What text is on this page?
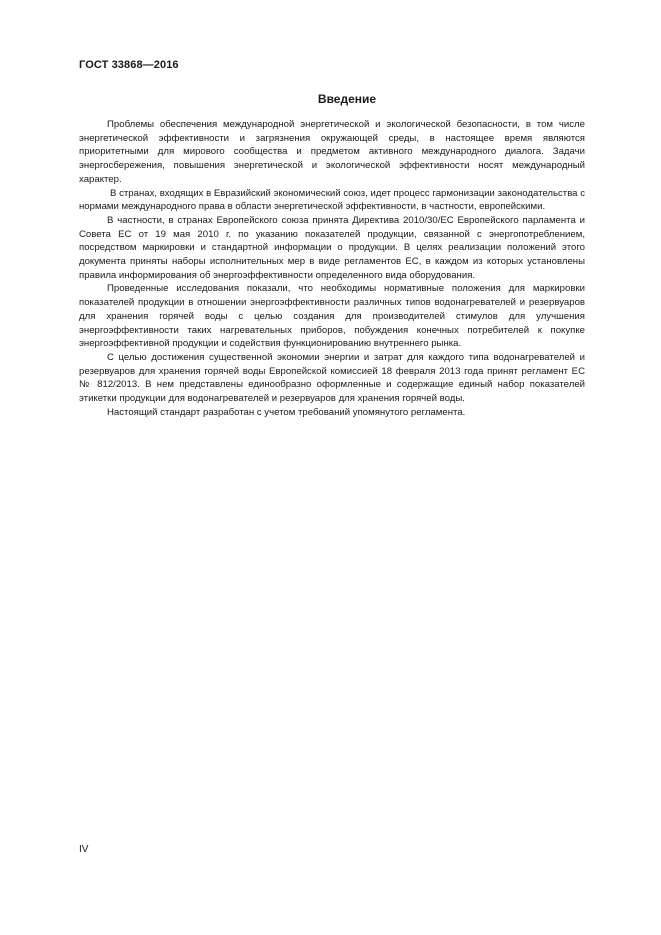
ГОСТ 33868—2016
Введение

Проблемы обеспечения международной энергетической и экологической безопасности, в том числе энергетической эффективности и загрязнения окружающей среды, в настоящее время являются приоритетными для мирового сообщества и предметом активного международного диалога. Задачи энергосбережения, повышения энергетической и экологической эффективности носят международный характер.

В странах, входящих в Евразийский экономический союз, идет процесс гармонизации законодательства с нормами международного права в области энергетической эффективности, в частности, европейскими.

В частности, в странах Европейского союза принята Директива 2010/30/ЕС Европейского парламента и Совета ЕС от 19 мая 2010 г. по указанию показателей продукции, связанной с энергопотреблением, посредством маркировки и стандартной информации о продукции. В целях реализации положений этого документа приняты наборы исполнительных мер в виде регламентов ЕС, в каждом из которых установлены правила информирования об энергоэффективности определенного вида оборудования.

Проведенные исследования показали, что необходимы нормативные положения для маркировки показателей продукции в отношении энергоэффективности различных типов водонагревателей и резервуаров для хранения горячей воды с целью создания для производителей стимулов для улучшения энергоэффективности таких нагревательных приборов, побуждения конечных потребителей к покупке энергоэффективной продукции и содействия функционированию внутреннего рынка.

С целью достижения существенной экономии энергии и затрат для каждого типа водонагревателей и резервуаров для хранения горячей воды Европейской комиссией 18 февраля 2013 года принят регламент ЕС № 812/2013. В нем представлены единообразно оформленные и содержащие единый набор показателей этикетки продукции для водонагревателей и резервуаров для хранения горячей воды.

Настоящий стандарт разработан с учетом требований упомянутого регламента.

IV
